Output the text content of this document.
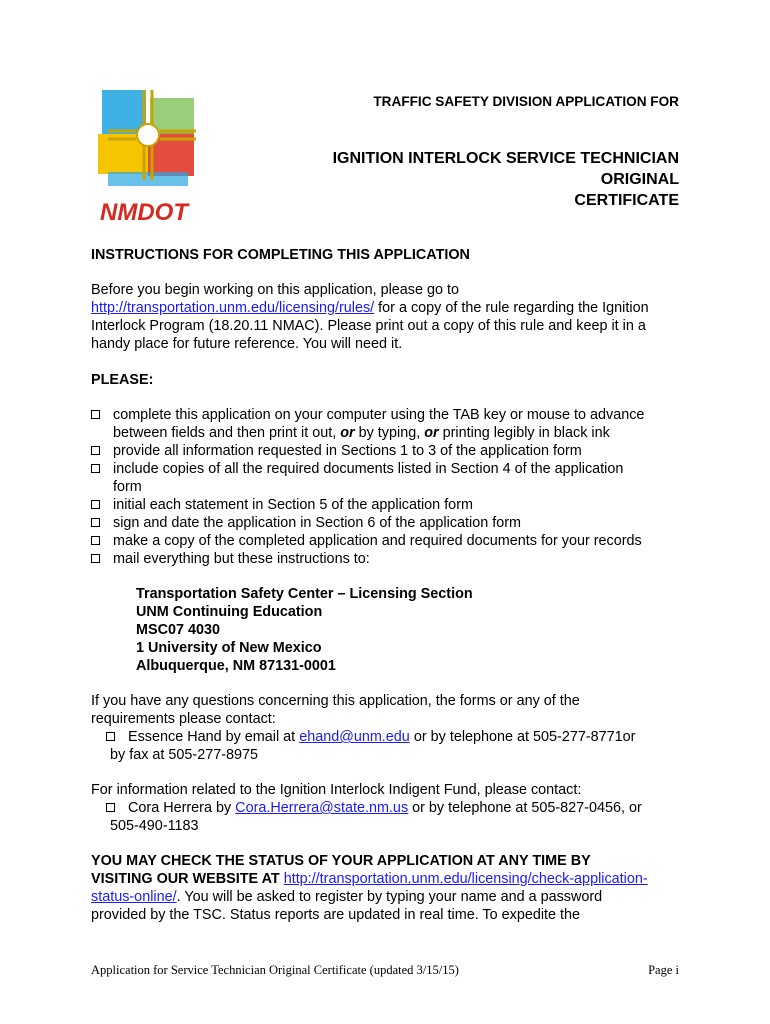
NMDOT
TRAFFIC SAFETY DIVISION APPLICATION FOR
IGNITION INTERLOCK SERVICE TECHNICIAN
ORIGINAL
CERTIFICATE
INSTRUCTIONS FOR COMPLETING THIS APPLICATION
Before you begin working on this application, please go to
http://transportation.unm.edu/licensing/rules/ for a copy of the rule regarding the Ignition
Interlock Program (18.20.11 NMAC). Please print out a copy of this rule and keep it in a
handy place for future reference. You will need it.
PLEASE:
complete this application on your computer using the TAB key or mouse to advance
between fields and then print it out, or by typing, or printing legibly in black ink
provide all information requested in Sections 1 to 3 of the application form
include copies of all the required documents listed in Section 4 of the application
form
initial each statement in Section 5 of the application form
sign and date the application in Section 6 of the application form
make a copy of the completed application and required documents for your records
mail everything but these instructions to:
Transportation Safety Center – Licensing Section
UNM Continuing Education
MSC07 4030
1 University of New Mexico
Albuquerque, NM 87131-0001
If you have any questions concerning this application, the forms or any of the
requirements please contact:
Essence Hand by email at ehand@unm.edu or by telephone at 505-277-8771or
by fax at 505-277-8975
For information related to the Ignition Interlock Indigent Fund, please contact:
Cora Herrera by Cora.Herrera@state.nm.us or by telephone at 505-827-0456, or
505-490-1183
YOU MAY CHECK THE STATUS OF YOUR APPLICATION AT ANY TIME BY
VISITING OUR WEBSITE AT http://transportation.unm.edu/licensing/check-application-
status-online/. You will be asked to register by typing your name and a password
provided by the TSC. Status reports are updated in real time. To expedite the
Application for Service Technician Original Certificate (updated 3/15/15)	Page i
